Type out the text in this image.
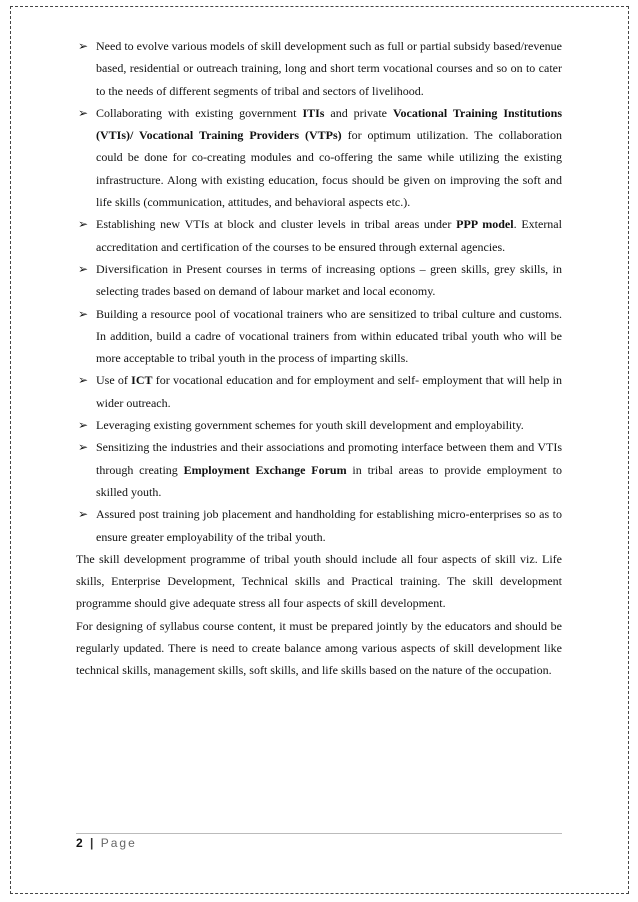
➢ Need to evolve various models of skill development such as full or partial subsidy based/revenue based, residential or outreach training, long and short term vocational courses and so on to cater to the needs of different segments of tribal and sectors of livelihood.
➢ Collaborating with existing government ITIs and private Vocational Training Institutions (VTIs)/ Vocational Training Providers (VTPs) for optimum utilization. The collaboration could be done for co-creating modules and co-offering the same while utilizing the existing infrastructure. Along with existing education, focus should be given on improving the soft and life skills (communication, attitudes, and behavioral aspects etc.).
➢ Establishing new VTIs at block and cluster levels in tribal areas under PPP model. External accreditation and certification of the courses to be ensured through external agencies.
➢ Diversification in Present courses in terms of increasing options – green skills, grey skills, in selecting trades based on demand of labour market and local economy.
➢ Building a resource pool of vocational trainers who are sensitized to tribal culture and customs. In addition, build a cadre of vocational trainers from within educated tribal youth who will be more acceptable to tribal youth in the process of imparting skills.
➢ Use of ICT for vocational education and for employment and self- employment that will help in wider outreach.
➢ Leveraging existing government schemes for youth skill development and employability.
➢ Sensitizing the industries and their associations and promoting interface between them and VTIs through creating Employment Exchange Forum in tribal areas to provide employment to skilled youth.
➢ Assured post training job placement and handholding for establishing micro-enterprises so as to ensure greater employability of the tribal youth.

The skill development programme of tribal youth should include all four aspects of skill viz. Life skills, Enterprise Development, Technical skills and Practical training. The skill development programme should give adequate stress all four aspects of skill development.

For designing of syllabus course content, it must be prepared jointly by the educators and should be regularly updated. There is need to create balance among various aspects of skill development like technical skills, management skills, soft skills, and life skills based on the nature of the occupation.

2 | Page
